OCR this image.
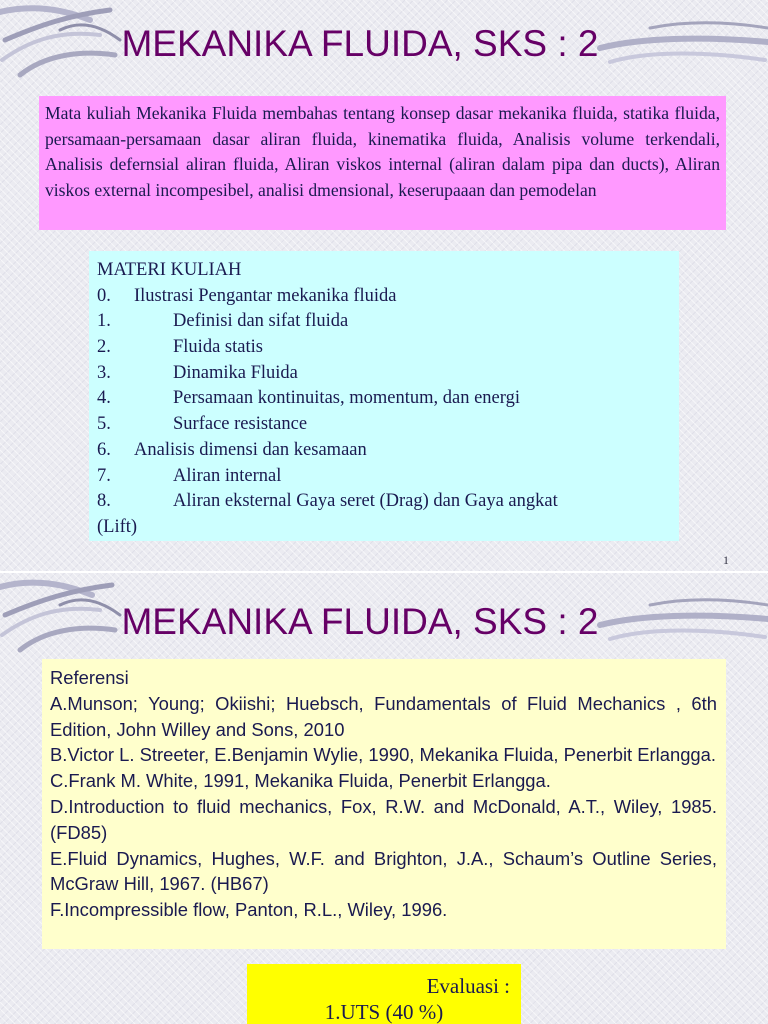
MEKANIKA FLUIDA, SKS : 2
Mata kuliah Mekanika Fluida membahas tentang konsep dasar mekanika fluida, statika fluida, persamaan-persamaan dasar aliran fluida, kinematika fluida, Analisis volume terkendali, Analisis defernsial aliran fluida, Aliran viskos internal (aliran dalam pipa dan ducts), Aliran viskos external incompesibel, analisi dmensional, keserupaaan dan pemodelan
MATERI KULIAH
0. Ilustrasi Pengantar mekanika fluida
1.	Definisi dan sifat fluida
2.	Fluida statis
3.	Dinamika Fluida
4.	Persamaan kontinuitas, momentum, dan energi
5.	Surface resistance
6. Analisis dimensi dan kesamaan
7.	Aliran internal
8.	Aliran eksternal Gaya seret (Drag) dan Gaya angkat
(Lift)
1
MEKANIKA FLUIDA, SKS : 2
Referensi
A.Munson; Young; Okiishi; Huebsch, Fundamentals of Fluid Mechanics , 6th Edition, John Willey and Sons, 2010
B.Victor L. Streeter, E.Benjamin Wylie, 1990, Mekanika Fluida, Penerbit Erlangga.
C.Frank M. White, 1991, Mekanika Fluida, Penerbit Erlangga.
D.Introduction to fluid mechanics, Fox, R.W. and McDonald, A.T., Wiley, 1985. (FD85)
E.Fluid Dynamics, Hughes, W.F. and Brighton, J.A., Schaum’s Outline Series, McGraw Hill, 1967. (HB67)
F.Incompressible flow, Panton, R.L., Wiley, 1996.
Evaluasi :
1.UTS (40 %)
